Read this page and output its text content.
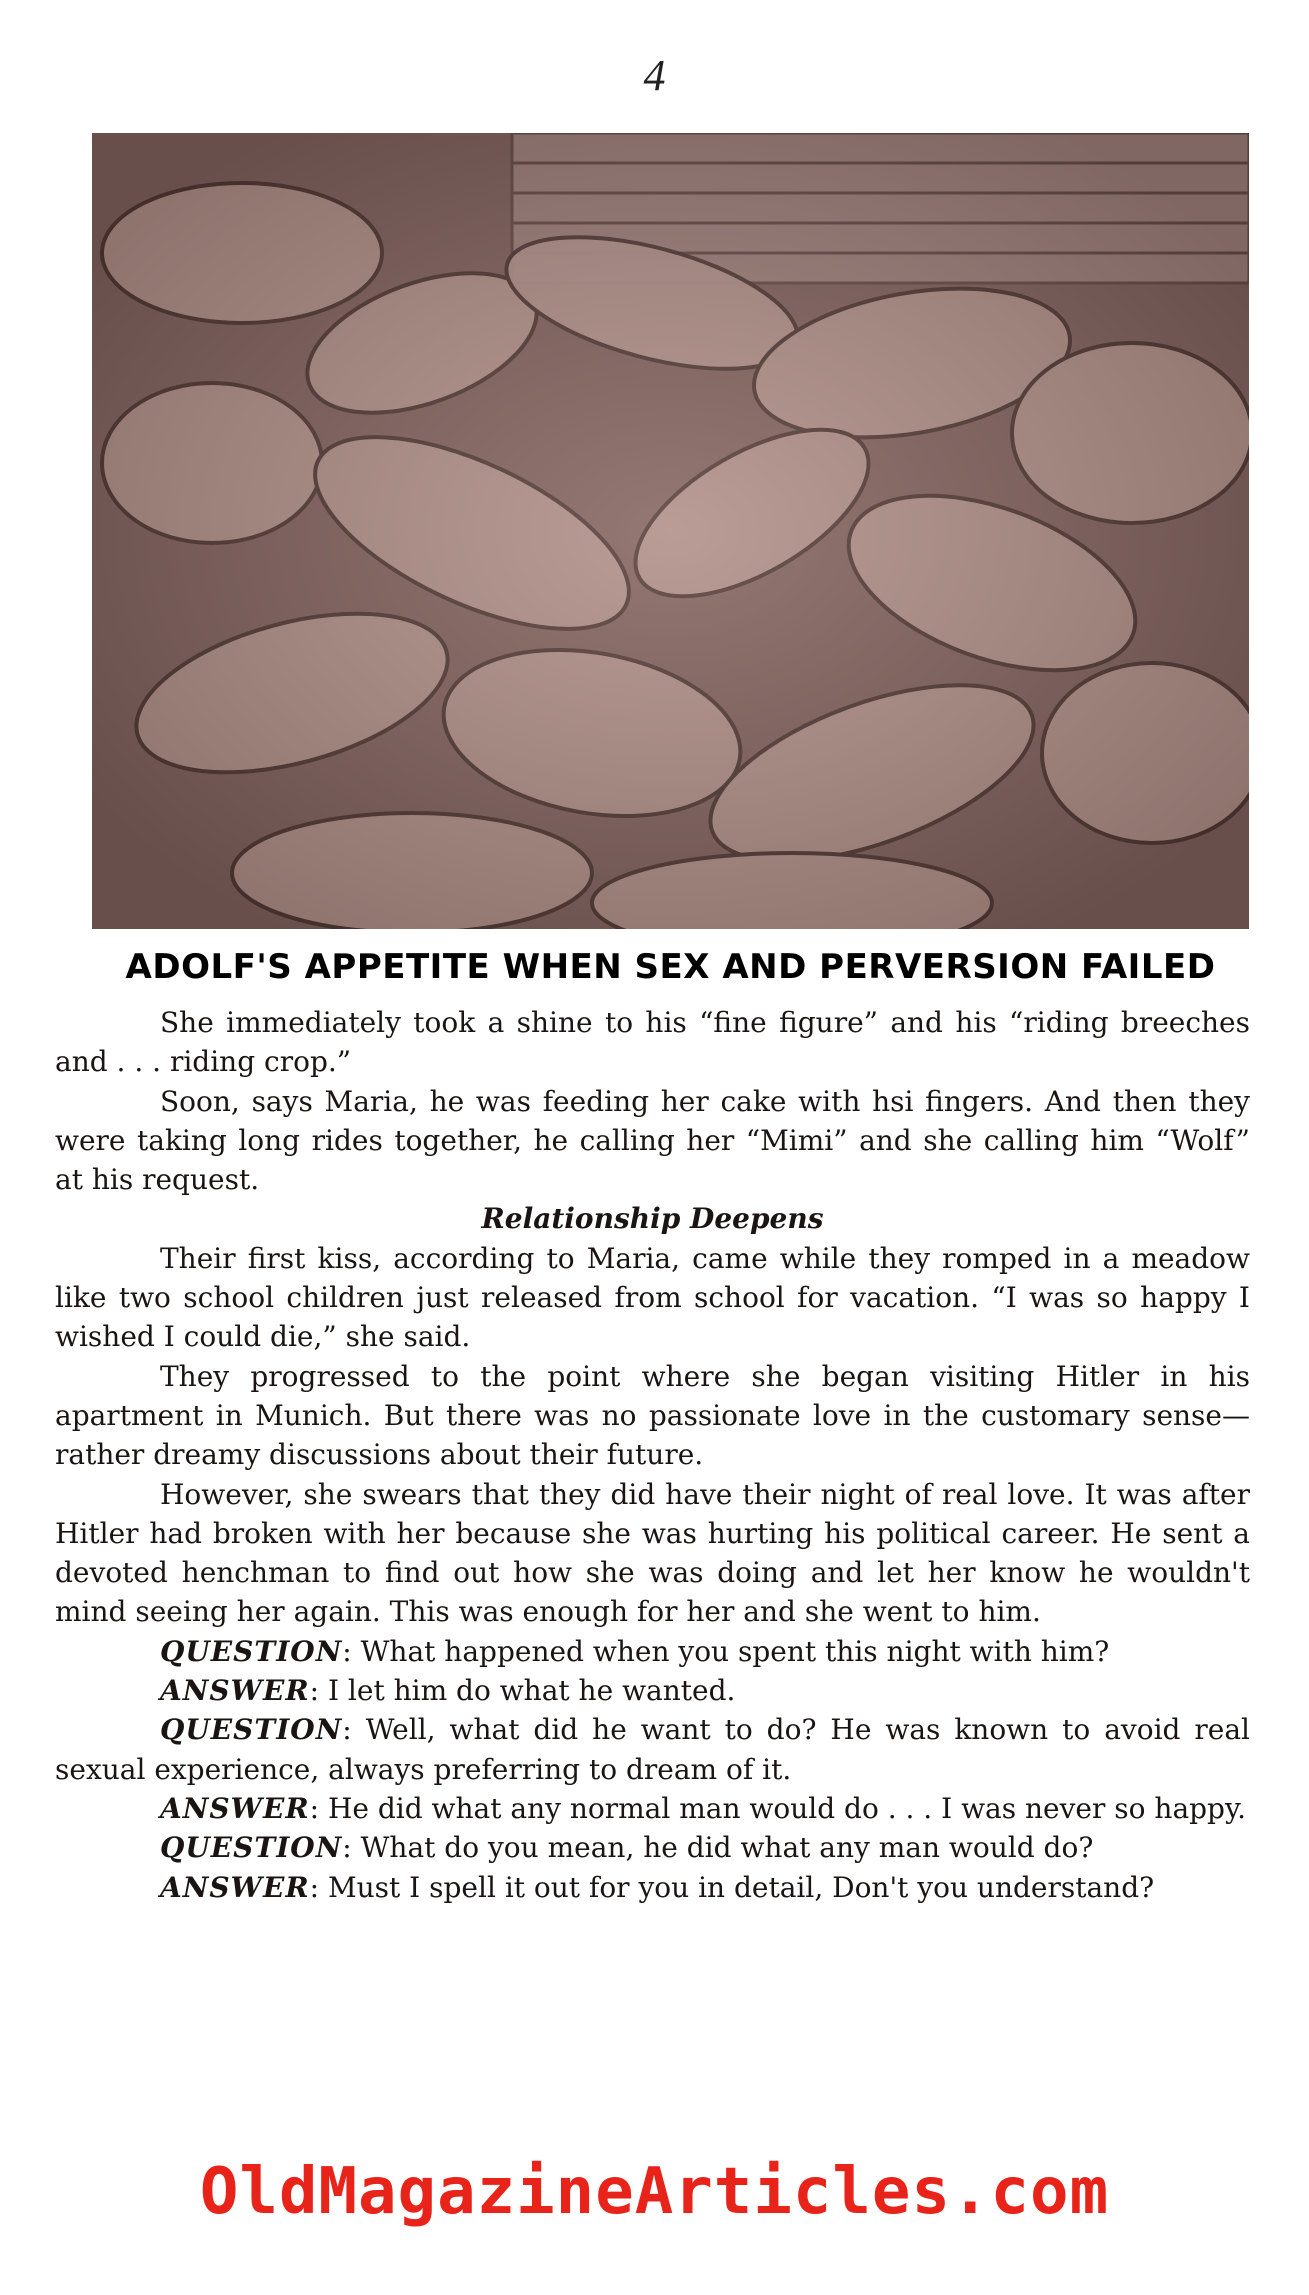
4
ADOLF'S APPETITE WHEN SEX AND PERVERSION FAILED

She immediately took a shine to his “fine figure” and his “riding breeches and . . . riding crop.”

Soon, says Maria, he was feeding her cake with hsi fingers. And then they were taking long rides together, he calling her “Mimi” and she calling him “Wolf” at his request.

Relationship Deepens

Their first kiss, according to Maria, came while they romped in a meadow like two school children just released from school for vacation. “I was so happy I wished I could die,” she said.

They progressed to the point where she began visiting Hitler in his apartment in Munich. But there was no passionate love in the customary sense—rather dreamy discussions about their future.

However, she swears that they did have their night of real love. It was after Hitler had broken with her because she was hurting his political career. He sent a devoted henchman to find out how she was doing and let her know he wouldn't mind seeing her again. This was enough for her and she went to him.

QUESTION: What happened when you spent this night with him?

ANSWER: I let him do what he wanted.

QUESTION: Well, what did he want to do? He was known to avoid real sexual experience, always preferring to dream of it.

ANSWER: He did what any normal man would do . . . I was never so happy.

QUESTION: What do you mean, he did what any man would do?

ANSWER: Must I spell it out for you in detail, Don't you understand?

OldMagazineArticles.com
